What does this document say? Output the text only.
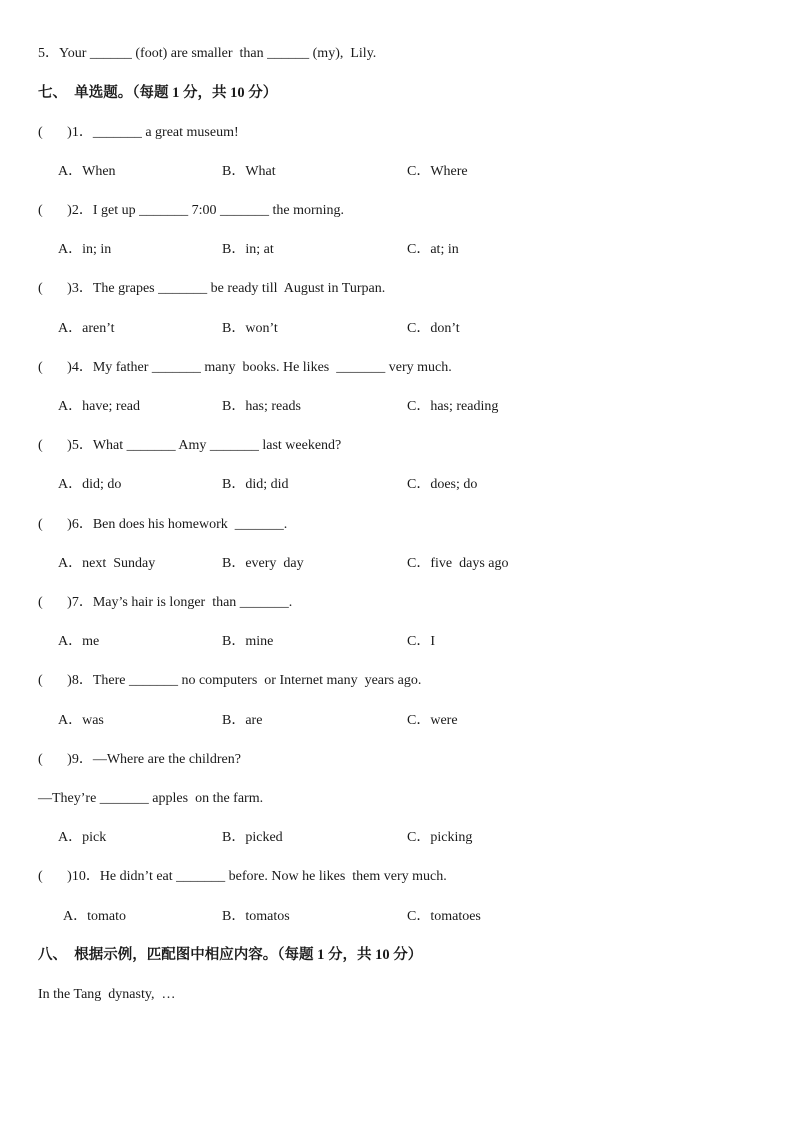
5．Your ______ (foot) are smaller  than ______ (my),  Lily.
七、  单选题。（每题 1 分，共 10 分）
(       )1．_______ a great museum!
A．When	B．What	C．Where
(       )2．I get up _______ 7:00 _______ the morning.
A．in; in	B．in; at	C．at; in
(       )3．The grapes _______ be ready till  August in Turpan.
A．aren’t	B．won’t	C．don’t
(       )4．My father _______ many  books. He likes  _______ very much.
A．have; read	B．has; reads	C．has; reading
(       )5．What _______ Amy _______ last weekend?
A．did; do	B．did; did	C．does; do
(       )6．Ben does his homework  _______.
A．next  Sunday	B．every  day	C．five  days ago
(       )7．May’s hair is longer  than _______.
A．me	B．mine	C．I
(       )8．There _______ no computers  or Internet many  years ago.
A．was	B．are	C．were
(       )9．—Where are the children?
—They’re _______ apples  on the farm.
A．pick	B．picked	C．picking
(       )10．He didn’t eat _______ before. Now he likes  them very much.
A．tomato	B．tomatos	C．tomatoes
八、  根据示例，匹配图中相应内容。（每题 1 分，共 10 分）
In the Tang  dynasty,  …
